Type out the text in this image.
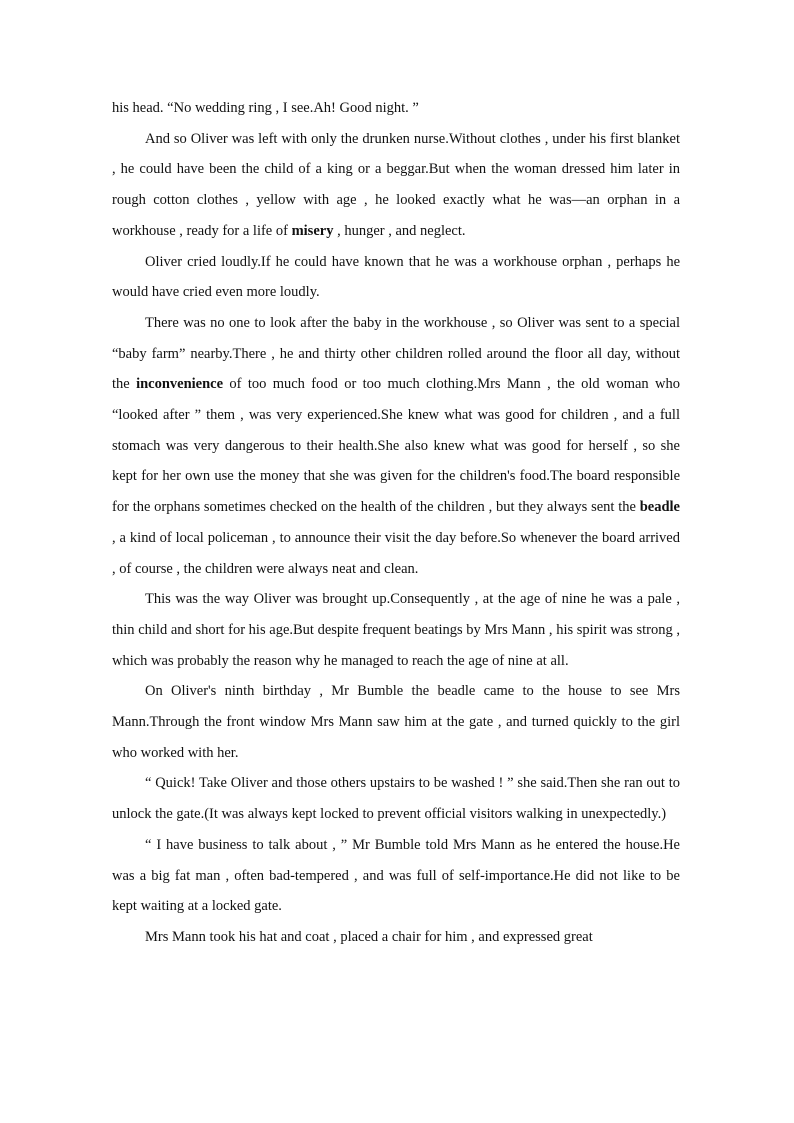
his head. “No wedding ring , I see.Ah! Good night. ”

And so Oliver was left with only the drunken nurse.Without clothes , under his first blanket , he could have been the child of a king or a beggar.But when the woman dressed him later in rough cotton clothes , yellow with age , he looked exactly what he was—an orphan in a workhouse , ready for a life of misery , hunger , and neglect.

Oliver cried loudly.If he could have known that he was a workhouse orphan , perhaps he would have cried even more loudly.

There was no one to look after the baby in the workhouse , so Oliver was sent to a special “baby farm” nearby.There , he and thirty other children rolled around the floor all day, without the inconvenience of too much food or too much clothing.Mrs Mann , the old woman who “looked after ” them , was very experienced.She knew what was good for children , and a full stomach was very dangerous to their health.She also knew what was good for herself , so she kept for her own use the money that she was given for the children's food.The board responsible for the orphans sometimes checked on the health of the children , but they always sent the beadle , a kind of local policeman , to announce their visit the day before.So whenever the board arrived , of course , the children were always neat and clean.

This was the way Oliver was brought up.Consequently , at the age of nine he was a pale , thin child and short for his age.But despite frequent beatings by Mrs Mann , his spirit was strong , which was probably the reason why he managed to reach the age of nine at all.

On Oliver's ninth birthday , Mr Bumble the beadle came to the house to see Mrs Mann.Through the front window Mrs Mann saw him at the gate , and turned quickly to the girl who worked with her.

“ Quick! Take Oliver and those others upstairs to be washed ! ” she said.Then she ran out to unlock the gate.(It was always kept locked to prevent official visitors walking in unexpectedly.)

“ I have business to talk about , ” Mr Bumble told Mrs Mann as he entered the house.He was a big fat man , often bad-tempered , and was full of self-importance.He did not like to be kept waiting at a locked gate.

Mrs Mann took his hat and coat , placed a chair for him , and expressed great
